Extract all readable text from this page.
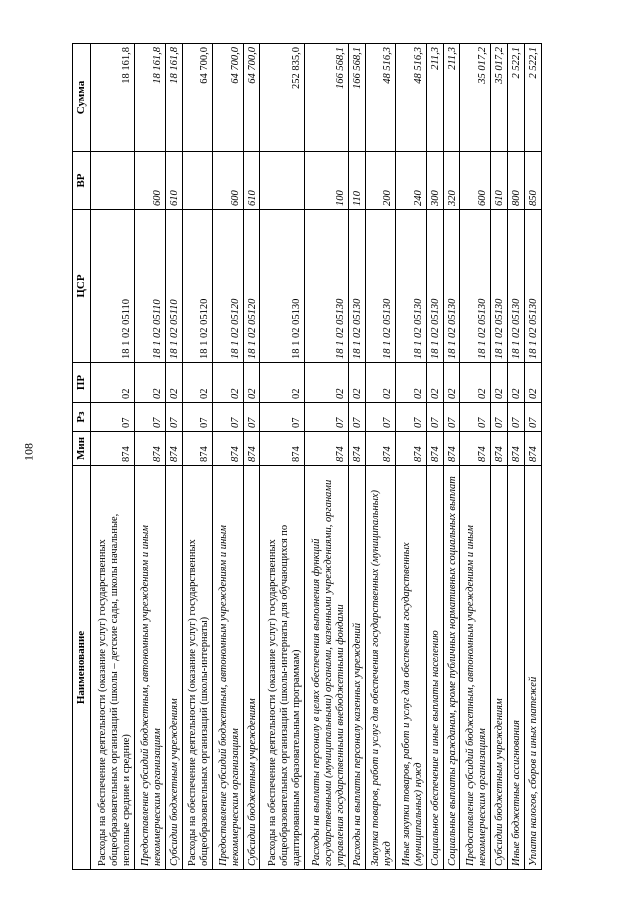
108
Наименование	Мин	Рз	ПР	ЦСР	ВР	Сумма
Расходы на обеспечение деятельности (оказание услуг) государственных общеобразовательных организаций (школы – детские сады, школы начальные, неполные средние и средние)	874	07	02	18 1 02 05110		18 161,8
Предоставление субсидий бюджетным, автономным учреждениям и иным некоммерческим организациям	874	07	02	18 1 02 05110	600	18 161,8
Субсидии бюджетным учреждениям	874	07	02	18 1 02 05110	610	18 161,8
Расходы на обеспечение деятельности (оказание услуг) государственных общеобразовательных организаций (школы-интернаты)	874	07	02	18 1 02 05120		64 700,0
Предоставление субсидий бюджетным, автономным учреждениям и иным некоммерческим организациям	874	07	02	18 1 02 05120	600	64 700,0
Субсидии бюджетным учреждениям	874	07	02	18 1 02 05120	610	64 700,0
Расходы на обеспечение деятельности (оказание услуг) государственных общеобразовательных организаций (школы-интернаты для обучающихся по адаптированным образовательным программам)	874	07	02	18 1 02 05130		252 835,0
Расходы на выплаты персоналу в целях обеспечения выполнения функций государственными (муниципальными) органами, казенными учреждениями, органами управления государственными внебюджетными фондами	874	07	02	18 1 02 05130	100	166 568,1
Расходы на выплаты персоналу казенных учреждений	874	07	02	18 1 02 05130	110	166 568,1
Закупка товаров, работ и услуг для обеспечения государственных (муниципальных) нужд	874	07	02	18 1 02 05130	200	48 516,3
Иные закупки товаров, работ и услуг для обеспечения государственных (муниципальных) нужд	874	07	02	18 1 02 05130	240	48 516,3
Социальное обеспечение и иные выплаты населению	874	07	02	18 1 02 05130	300	211,3
Социальные выплаты гражданам, кроме публичных нормативных социальных выплат	874	07	02	18 1 02 05130	320	211,3
Предоставление субсидий бюджетным, автономным учреждениям и иным некоммерческим организациям	874	07	02	18 1 02 05130	600	35 017,2
Субсидии бюджетным учреждениям	874	07	02	18 1 02 05130	610	35 017,2
Иные бюджетные ассигнования	874	07	02	18 1 02 05130	800	2 522,1
Уплата налогов, сборов и иных платежей	874	07	02	18 1 02 05130	850	2 522,1
